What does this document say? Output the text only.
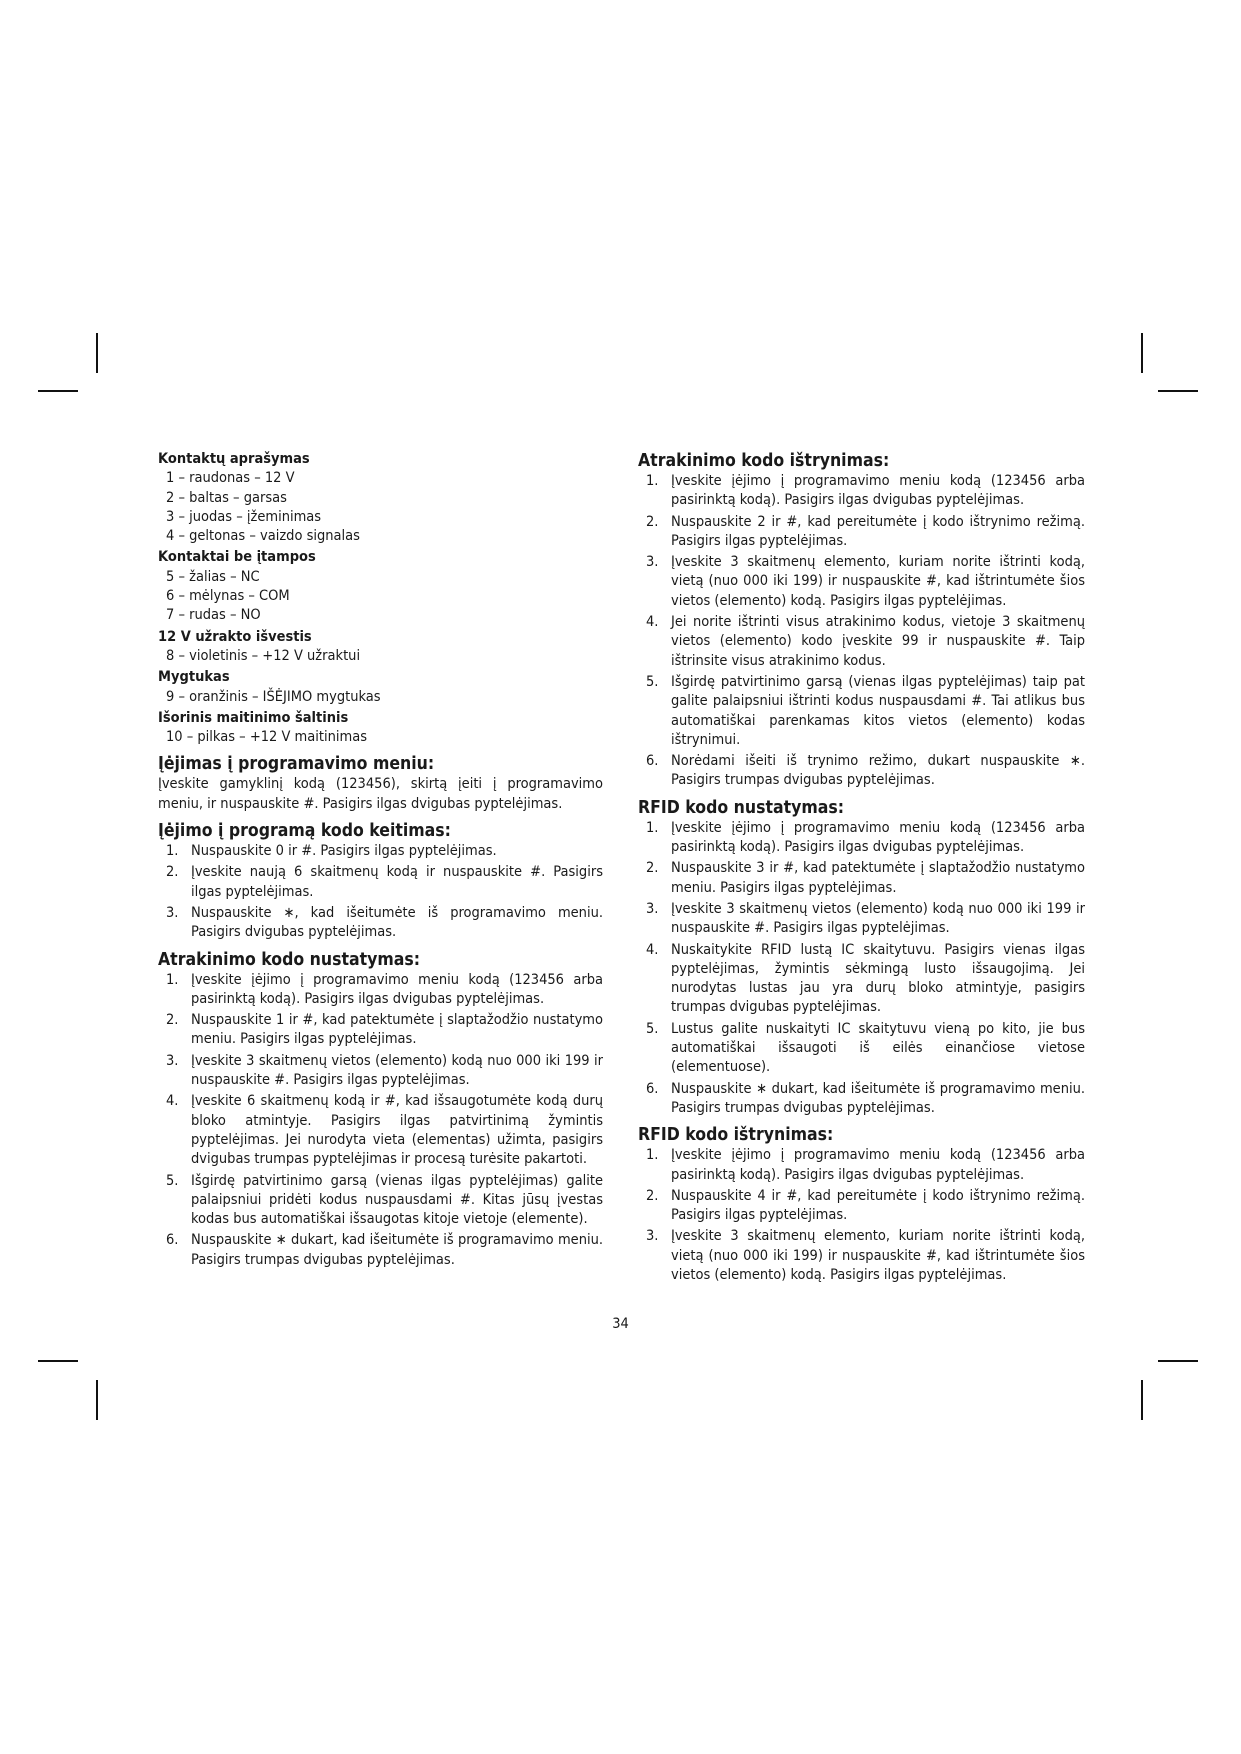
Kontaktų aprašymas
1 – raudonas – 12 V
2 – baltas – garsas
3 – juodas – įžeminimas
4 – geltonas – vaizdo signalas
Kontaktai be įtampos
5 – žalias – NC
6 – mėlynas – COM
7 – rudas – NO
12 V užrakto išvestis
8 – violetinis – +12 V užraktui
Mygtukas
9 – oranžinis – IŠĖJIMO mygtukas
Išorinis maitinimo šaltinis
10 – pilkas – +12 V maitinimas
Įėjimas į programavimo meniu:

Įveskite gamyklinį kodą (123456), skirtą įeiti į programavimo meniu, ir nuspauskite #. Pasigirs ilgas dvigubas pyptelėjimas.

Įėjimo į programą kodo keitimas:
1. Nuspauskite 0 ir #. Pasigirs ilgas pyptelėjimas.
2. Įveskite naują 6 skaitmenų kodą ir nuspauskite #. Pasigirs ilgas pyptelėjimas.
3. Nuspauskite ∗, kad išeitumėte iš programavimo meniu. Pasigirs dvigubas pyptelėjimas.
Atrakinimo kodo nustatymas:
1. Įveskite įėjimo į programavimo meniu kodą (123456 arba pasirinktą kodą). Pasigirs ilgas dvigubas pyptelėjimas.
2. Nuspauskite 1 ir #, kad patektumėte į slaptažodžio nustatymo meniu. Pasigirs ilgas pyptelėjimas.
3. Įveskite 3 skaitmenų vietos (elemento) kodą nuo 000 iki 199 ir nuspauskite #. Pasigirs ilgas pyptelėjimas.
4. Įveskite 6 skaitmenų kodą ir #, kad išsaugotumėte kodą durų bloko atmintyje. Pasigirs ilgas patvirtinimą žymintis pyptelėjimas. Jei nurodyta vieta (elementas) užimta, pasigirs dvigubas trumpas pyptelėjimas ir procesą turėsite pakartoti.
5. Išgirdę patvirtinimo garsą (vienas ilgas pyptelėjimas) galite palaipsniui pridėti kodus nuspausdami #. Kitas jūsų įvestas kodas bus automatiškai išsaugotas kitoje vietoje (elemente).
6. Nuspauskite ∗ dukart, kad išeitumėte iš programavimo meniu. Pasigirs trumpas dvigubas pyptelėjimas.
Atrakinimo kodo ištrynimas:
1. Įveskite įėjimo į programavimo meniu kodą (123456 arba pasirinktą kodą). Pasigirs ilgas dvigubas pyptelėjimas.
2. Nuspauskite 2 ir #, kad pereitumėte į kodo ištrynimo režimą. Pasigirs ilgas pyptelėjimas.
3. Įveskite 3 skaitmenų elemento, kuriam norite ištrinti kodą, vietą (nuo 000 iki 199) ir nuspauskite #, kad ištrintumėte šios vietos (elemento) kodą. Pasigirs ilgas pyptelėjimas.
4. Jei norite ištrinti visus atrakinimo kodus, vietoje 3 skaitmenų vietos (elemento) kodo įveskite 99 ir nuspauskite #. Taip ištrinsite visus atrakinimo kodus.
5. Išgirdę patvirtinimo garsą (vienas ilgas pyptelėjimas) taip pat galite palaipsniui ištrinti kodus nuspausdami #. Tai atlikus bus automatiškai parenkamas kitos vietos (elemento) kodas ištrynimui.
6. Norėdami išeiti iš trynimo režimo, dukart nuspauskite ∗. Pasigirs trumpas dvigubas pyptelėjimas.
RFID kodo nustatymas:
1. Įveskite įėjimo į programavimo meniu kodą (123456 arba pasirinktą kodą). Pasigirs ilgas dvigubas pyptelėjimas.
2. Nuspauskite 3 ir #, kad patektumėte į slaptažodžio nustatymo meniu. Pasigirs ilgas pyptelėjimas.
3. Įveskite 3 skaitmenų vietos (elemento) kodą nuo 000 iki 199 ir nuspauskite #. Pasigirs ilgas pyptelėjimas.
4. Nuskaitykite RFID lustą IC skaitytuvu. Pasigirs vienas ilgas pyptelėjimas, žymintis sėkmingą lusto išsaugojimą. Jei nurodytas lustas jau yra durų bloko atmintyje, pasigirs trumpas dvigubas pyptelėjimas.
5. Lustus galite nuskaityti IC skaitytuvu vieną po kito, jie bus automatiškai išsaugoti iš eilės einančiose vietose (elementuose).
6. Nuspauskite ∗ dukart, kad išeitumėte iš programavimo meniu. Pasigirs trumpas dvigubas pyptelėjimas.
RFID kodo ištrynimas:
1. Įveskite įėjimo į programavimo meniu kodą (123456 arba pasirinktą kodą). Pasigirs ilgas dvigubas pyptelėjimas.
2. Nuspauskite 4 ir #, kad pereitumėte į kodo ištrynimo režimą. Pasigirs ilgas pyptelėjimas.
3. Įveskite 3 skaitmenų elemento, kuriam norite ištrinti kodą, vietą (nuo 000 iki 199) ir nuspauskite #, kad ištrintumėte šios vietos (elemento) kodą. Pasigirs ilgas pyptelėjimas.
34
